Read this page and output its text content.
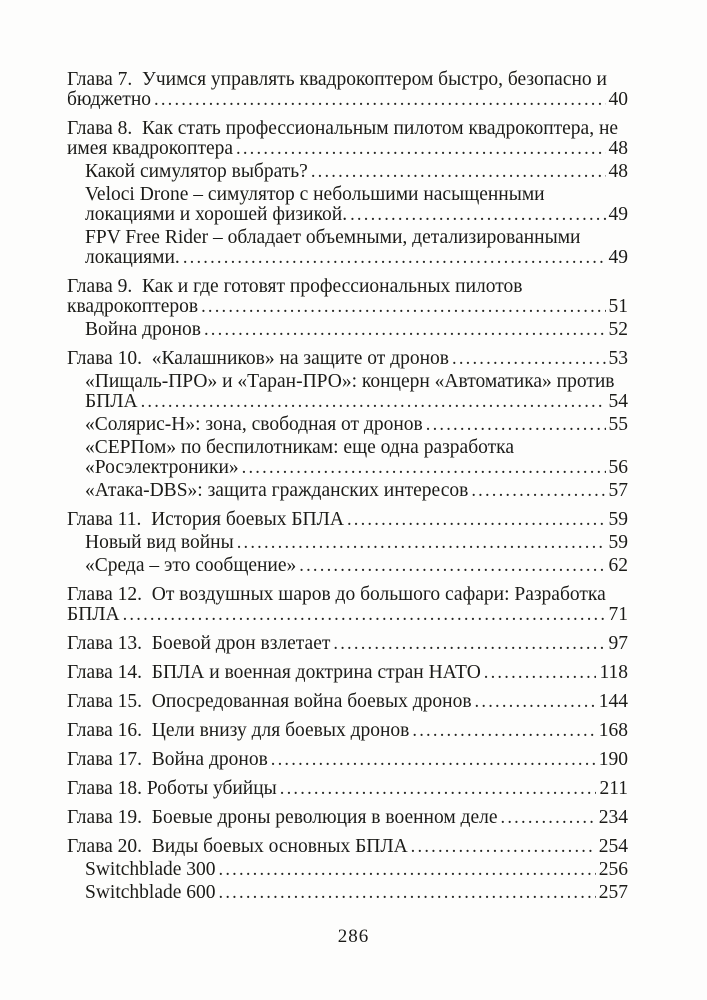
Глава 7.  Учимся управлять квадрокоптером быстро, безопасно и
бюджетно .....	40
Глава 8.  Как стать профессиональным пилотом квадрокоптера, не
имея квадрокоптера .....	48
Какой симулятор выбрать? .....	48
Veloci Drone – симулятор с небольшими насыщенными
локациями и хорошей физикой. .....	49
FPV Free Rider – обладает объемными, детализированными
локациями. .....	49
Глава 9.  Как и где готовят профессиональных пилотов
квадрокоптеров .....	51
Война дронов .....	52
Глава 10.  «Калашников» на защите от дронов .....	53
«Пищаль-ПРО» и «Таран-ПРО»: концерн «Автоматика» против
БПЛА .....	54
«Солярис-Н»: зона, свободная от дронов .....	55
«СЕРПом» по беспилотникам: еще одна разработка
«Росэлектроники» .....	56
«Атака-DBS»: защита гражданских интересов .....	57
Глава 11.  История боевых БПЛА .....	59
Новый вид войны .....	59
«Среда – это сообщение» .....	62
Глава 12.  От воздушных шаров до большого сафари: Разработка
БПЛА .....	71
Глава 13.  Боевой дрон взлетает .....	97
Глава 14.  БПЛА и военная доктрина стран НАТО .....	118
Глава 15.  Опосредованная война боевых дронов .....	144
Глава 16.  Цели внизу для боевых дронов .....	168
Глава 17.  Война дронов .....	190
Глава 18. Роботы убийцы .....	211
Глава 19.  Боевые дроны революция в военном деле .....	234
Глава 20.  Виды боевых основных БПЛА .....	254
Switchblade 300 .....	256
Switchblade 600 .....	257
286
